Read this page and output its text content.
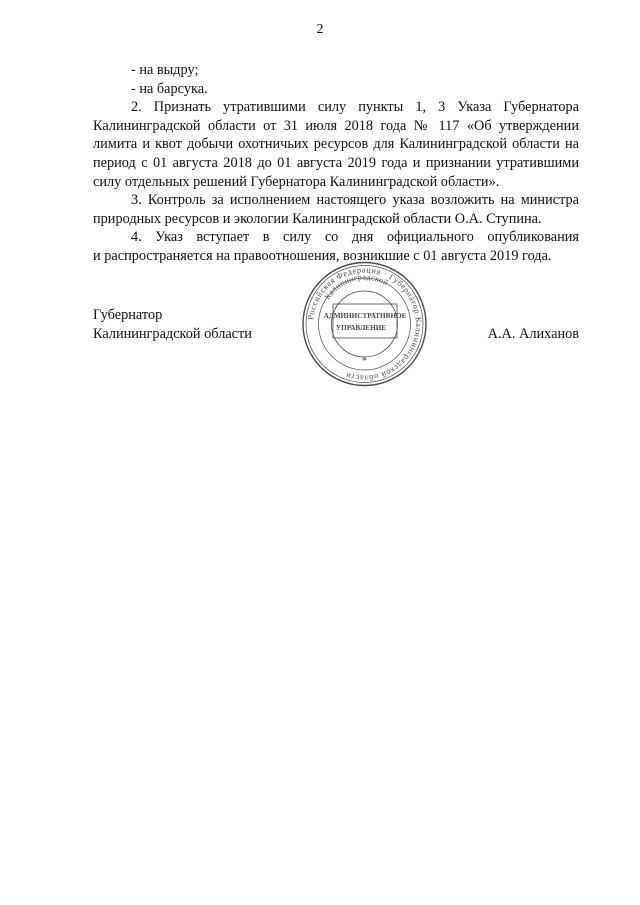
2
- на выдру;
- на барсука.
2. Признать утратившими силу пункты 1, 3 Указа Губернатора
Калининградской области от 31 июля 2018 года № 117 «Об утверждении
лимита и квот добычи охотничьих ресурсов для Калининградской области на
период с 01 августа 2018 до 01 августа 2019 года и признании утратившими
силу отдельных решений Губернатора Калининградской области».
3. Контроль за исполнением настоящего указа возложить на министра
природных ресурсов и экологии Калининградской области О.А. Ступина.
4. Указ вступает в силу со дня официального опубликования
и распространяется на правоотношения, возникшие с 01 августа 2019 года.
Губернатор
Калининградской области	А.А. Алиханов
Российская Федерация · Губернатор Калининградской области
Калининградской
АДМИНИСТРАТИВНОЕ
УПРАВЛЕНИЕ
*
